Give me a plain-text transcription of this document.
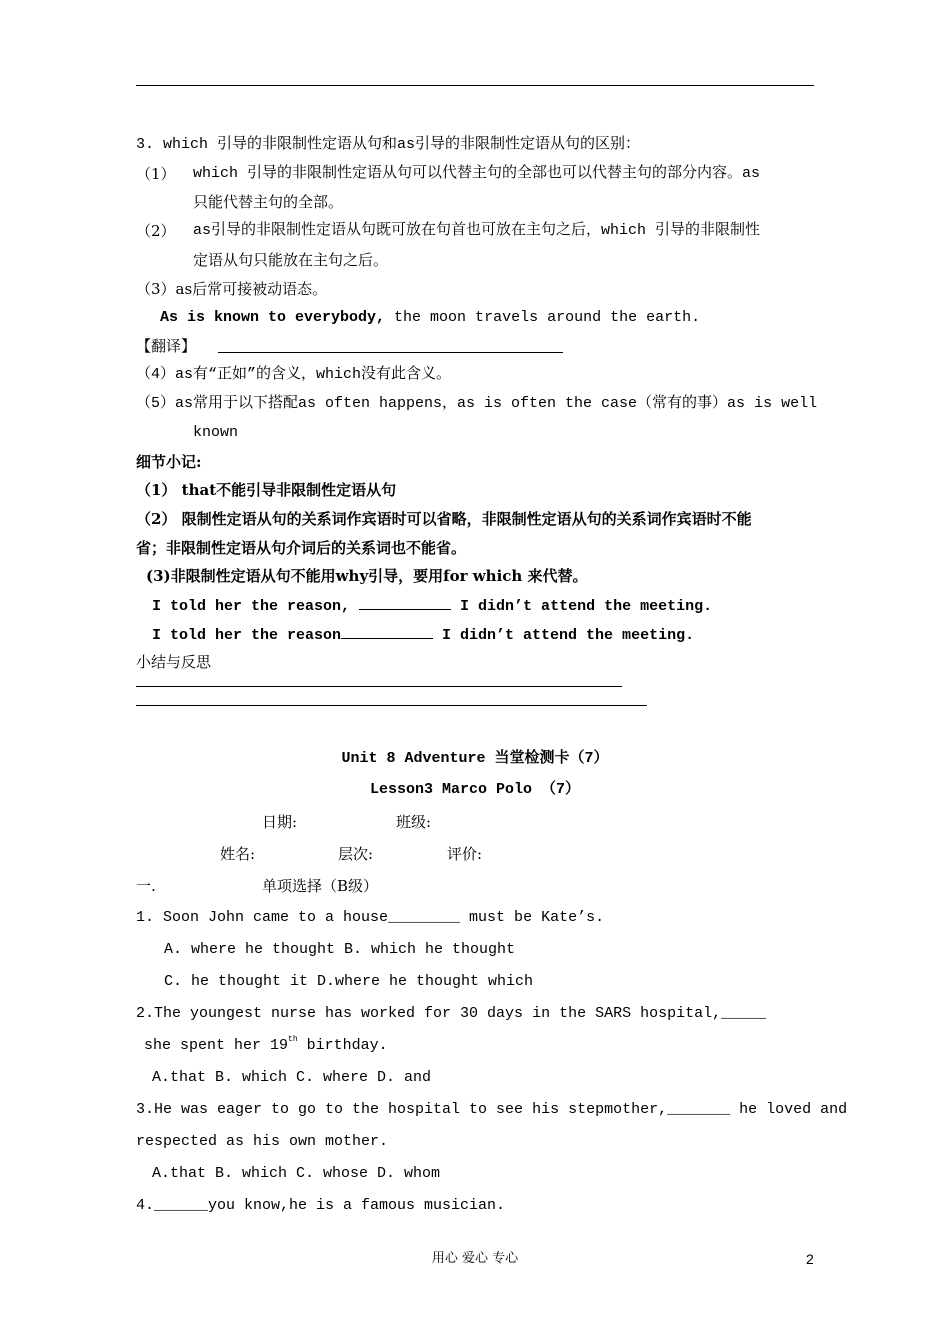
3. which 引导的非限制性定语从句和as引导的非限制性定语从句的区别：
（1） which 引导的非限制性定语从句可以代替主句的全部也可以代替主句的部分内容。as
只能代替主句的全部。
（2） as引导的非限制性定语从句既可放在句首也可放在主句之后，which 引导的非限制性
定语从句只能放在主句之后。
（3）as后常可接被动语态。
As is known to everybody, the moon travels around the earth.
【翻译】
（4）as有“正如”的含义，which没有此含义。
（5）as常用于以下搭配as often happens，as is often the case（常有的事）as is well
known
细节小记:
（1） that不能引导非限制性定语从句
（2） 限制性定语从句的关系词作宾语时可以省略，非限制性定语从句的关系词作宾语时不能
省；非限制性定语从句介词后的关系词也不能省。
(3)非限制性定语从句不能用why引导，要用for which 来代替。
I told her the reason,	I didn’t attend the meeting.
I told her the reason	I didn’t attend the meeting.
小结与反思
Unit 8 Adventure 当堂检测卡（7）
Lesson3 Marco Polo （7）
日期:	班级:
姓名:	层次:	评价:
一.	单项选择（B级）
1. Soon John came to a house________ must be Kate’s.
A. where he thought B. which he thought
C. he thought it D.where he thought which
2.The youngest nurse has worked for 30 days in the SARS hospital,_____
she spent her 19th birthday.
A.that B. which C. where D. and
3.He was eager to go to the hospital to see his stepmother,_______ he loved and
respected as his own mother.
A.that B. which C. whose D. whom
4.______you know,he is a famous musician.
用心 爱心 专心	2
